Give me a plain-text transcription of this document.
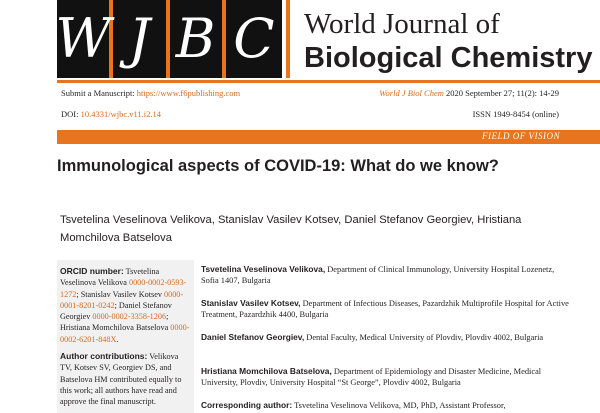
W J B C World Journal of
Biological Chemistry
Submit a Manuscript: https://www.f6publishing.com	World J Biol Chem 2020 September 27; 11(2): 14-29
DOI: 10.4331/wjbc.v11.i2.14	ISSN 1949-8454 (online)
FIELD OF VISION
Immunological aspects of COVID-19: What do we know?
Tsvetelina Veselinova Velikova, Stanislav Vasilev Kotsev, Daniel Stefanov Georgiev, Hristiana Momchilova Batselova

ORCID number: Tsvetelina Veselinova Velikova 0000-0002-0593-1272; Stanislav Vasilev Kotsev 0000-0001-8201-0242; Daniel Stefanov Georgiev 0000-0002-3358-1206; Hristiana Momchilova Batselova 0000-0002-6201-848X.

Author contributions: Velikova TV, Kotsev SV, Georgiev DS, and Batselova HM contributed equally to this work; all authors have read and approve the final manuscript.

Tsvetelina Veselinova Velikova, Department of Clinical Immunology, University Hospital Lozenetz, Sofia 1407, Bulgaria
Stanislav Vasilev Kotsev, Department of Infectious Diseases, Pazardzhik Multiprofile Hospital for Active Treatment, Pazardzhik 4400, Bulgaria
Daniel Stefanov Georgiev, Dental Faculty, Medical University of Plovdiv, Plovdiv 4002, Bulgaria
Hristiana Momchilova Batselova, Department of Epidemiology and Disaster Medicine, Medical University, Plovdiv, University Hospital “St George”, Plovdiv 4002, Bulgaria
Corresponding author: Tsvetelina Veselinova Velikova, MD, PhD, Assistant Professor,
